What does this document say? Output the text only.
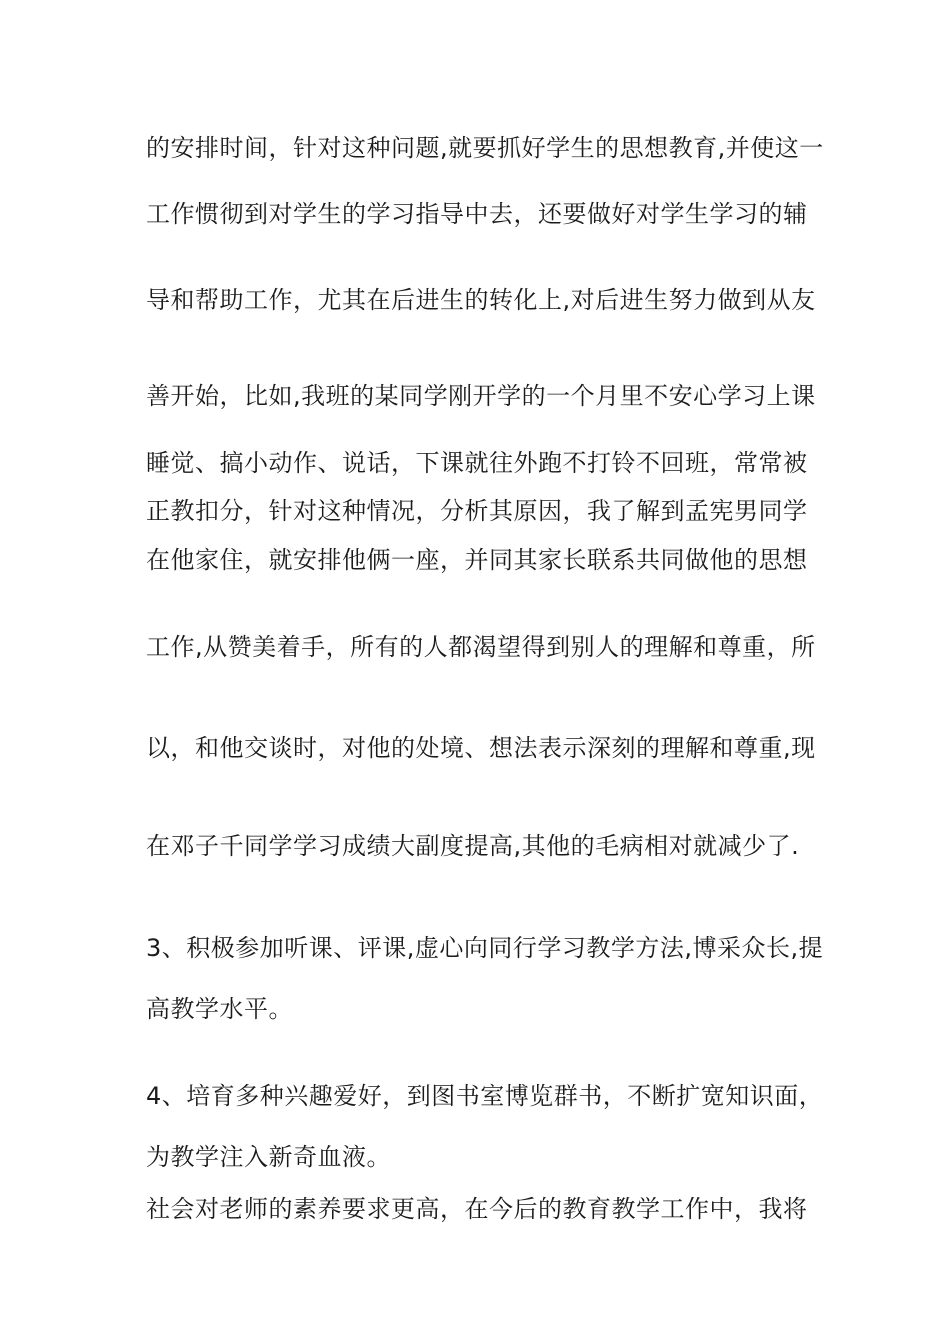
的安排时间，针对这种问题,就要抓好学生的思想教育,并使这一

工作惯彻到对学生的学习指导中去，还要做好对学生学习的辅

导和帮助工作，尤其在后进生的转化上,对后进生努力做到从友

善开始，比如,我班的某同学刚开学的一个月里不安心学习上课

睡觉、搞小动作、说话，下课就往外跑不打铃不回班，常常被

正教扣分，针对这种情况，分析其原因，我了解到孟宪男同学

在他家住，就安排他俩一座，并同其家长联系共同做他的思想

工作,从赞美着手，所有的人都渴望得到别人的理解和尊重，所

以，和他交谈时，对他的处境、想法表示深刻的理解和尊重,现

在邓子千同学学习成绩大副度提高,其他的毛病相对就减少了.

3、积极参加听课、评课,虚心向同行学习教学方法,博采众长,提

高教学水平。

4、培育多种兴趣爱好，到图书室博览群书，不断扩宽知识面，

为教学注入新奇血液。

社会对老师的素养要求更高，在今后的教育教学工作中，我将
